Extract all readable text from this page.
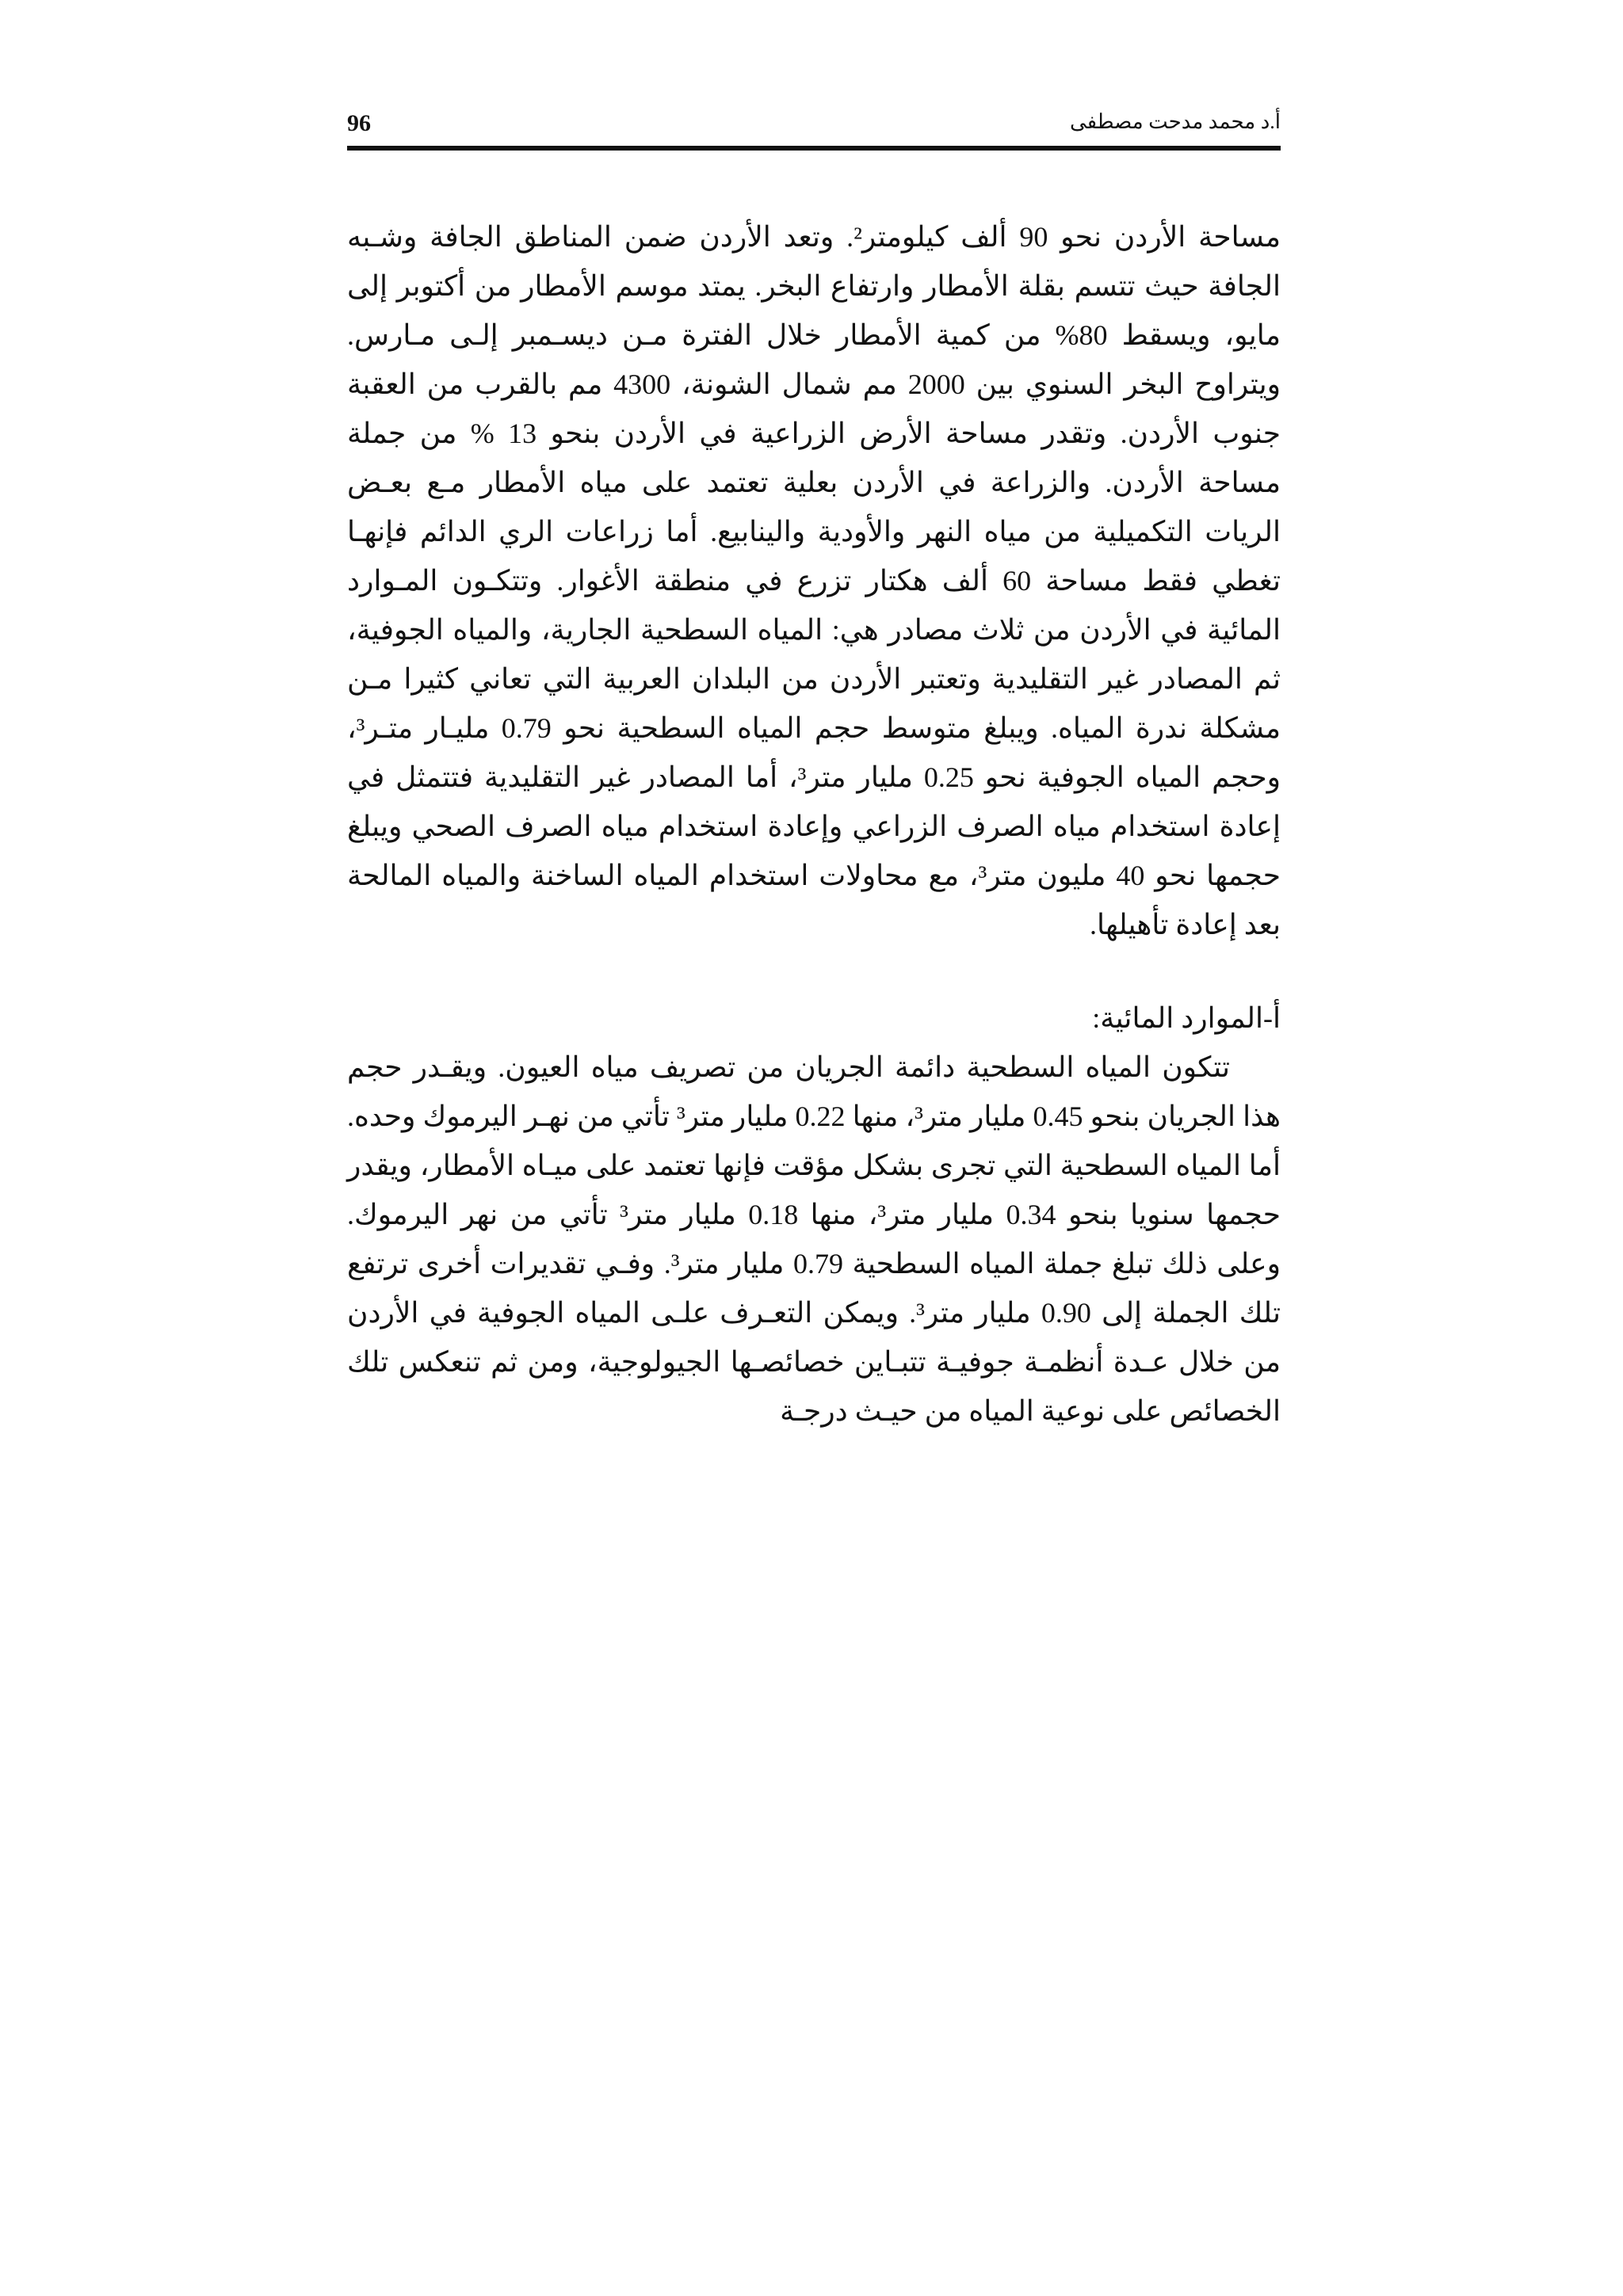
96	أ.د محمد مدحت مصطفى

مساحة الأردن نحو 90 ألف كيلومتر². وتعد الأردن ضمن المناطق الجافة وشـبه الجافة حيث تتسم بقلة الأمطار وارتفاع البخر. يمتد موسم الأمطار من أكتوبر إلى مايو، ويسقط 80% من كمية الأمطار خلال الفترة مـن ديسـمبر إلـى مـارس. ويتراوح البخر السنوي بين 2000 مم شمال الشونة، 4300 مم بالقرب من العقبة جنوب الأردن. وتقدر مساحة الأرض الزراعية في الأردن بنحو 13 % من جملة مساحة الأردن. والزراعة في الأردن بعلية تعتمد على مياه الأمطار مـع بعـض الريات التكميلية من مياه النهر والأودية والينابيع. أما زراعات الري الدائم فإنهـا تغطي فقط مساحة 60 ألف هكتار تزرع في منطقة الأغوار. وتتكـون المـوارد المائية في الأردن من ثلاث مصادر هي: المياه السطحية الجارية، والمياه الجوفية، ثم المصادر غير التقليدية وتعتبر الأردن من البلدان العربية التي تعاني كثيرا مـن مشكلة ندرة المياه. ويبلغ متوسط حجم المياه السطحية نحو 0.79 مليـار متـر³، وحجم المياه الجوفية نحو 0.25 مليار متر³، أما المصادر غير التقليدية فتتمثل في إعادة استخدام مياه الصرف الزراعي وإعادة استخدام مياه الصرف الصحي ويبلغ حجمها نحو 40 مليون متر³، مع محاولات استخدام المياه الساخنة والمياه المالحة بعد إعادة تأهيلها.

أ-الموارد المائية:

تتكون المياه السطحية دائمة الجريان من تصريف مياه العيون. ويقـدر حجم هذا الجريان بنحو 0.45 مليار متر³، منها 0.22 مليار متر³ تأتي من نهـر اليرموك وحده. أما المياه السطحية التي تجرى بشكل مؤقت فإنها تعتمد على ميـاه الأمطار، ويقدر حجمها سنويا بنحو 0.34 مليار متر³، منها 0.18 مليار متر³ تأتي من نهر اليرموك. وعلى ذلك تبلغ جملة المياه السطحية 0.79 مليار متر³. وفـي تقديرات أخرى ترتفع تلك الجملة إلى 0.90 مليار متر³. ويمكن التعـرف علـى المياه الجوفية في الأردن من خلال عـدة أنظمـة جوفيـة تتبـاين خصائصـها الجيولوجية، ومن ثم تنعكس تلك الخصائص على نوعية المياه من حيـث درجـة
